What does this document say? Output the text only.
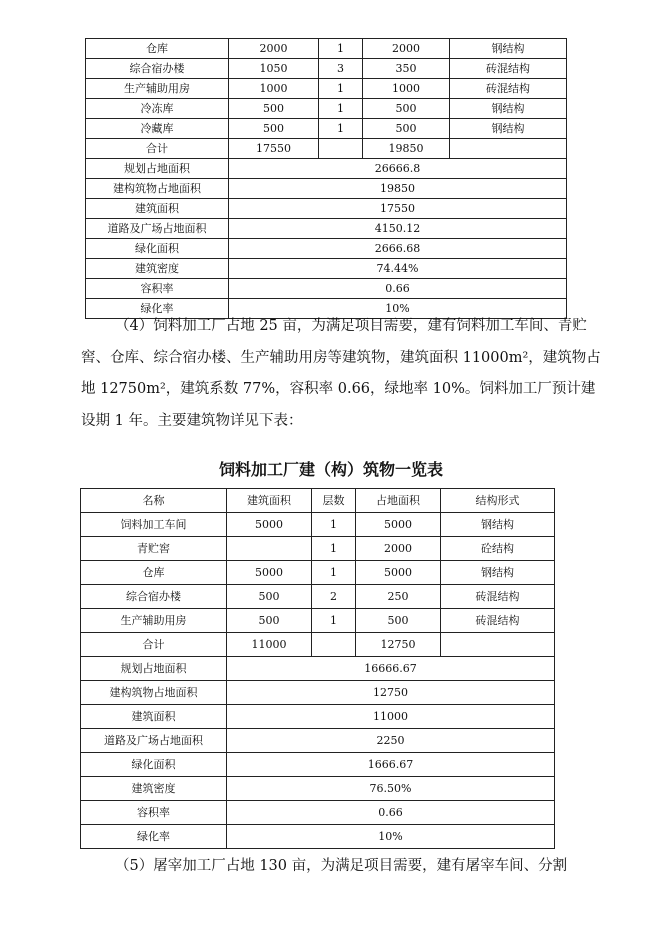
仓库	2000	1	2000	钢结构
综合宿办楼	1050	3	350	砖混结构
生产辅助用房	1000	1	1000	砖混结构
冷冻库	500	1	500	钢结构
冷藏库	500	1	500	钢结构
合计	17550		19850	
规划占地面积	26666.8			
建构筑物占地面积	19850			
建筑面积	17550			
道路及广场占地面积	4150.12			
绿化面积	2666.68			
建筑密度	74.44%			
容积率	0.66			
绿化率	10%			

（4）饲料加工厂占地 25 亩，为满足项目需要，建有饲料加工车间、青贮窖、仓库、综合宿办楼、生产辅助用房等建筑物，建筑面积 11000m²，建筑物占地 12750m²，建筑系数 77%，容积率 0.66，绿地率 10%。饲料加工厂预计建设期 1 年。主要建筑物详见下表：

饲料加工厂建（构）筑物一览表

名称	建筑面积	层数	占地面积	结构形式
饲料加工车间	5000	1	5000	钢结构
青贮窖		1	2000	砼结构
仓库	5000	1	5000	钢结构
综合宿办楼	500	2	250	砖混结构
生产辅助用房	500	1	500	砖混结构
合计	11000		12750	
规划占地面积	16666.67			
建构筑物占地面积	12750			
建筑面积	11000			
道路及广场占地面积	2250			
绿化面积	1666.67			
建筑密度	76.50%			
容积率	0.66			
绿化率	10%			

（5）屠宰加工厂占地 130 亩，为满足项目需要，建有屠宰车间、分割
